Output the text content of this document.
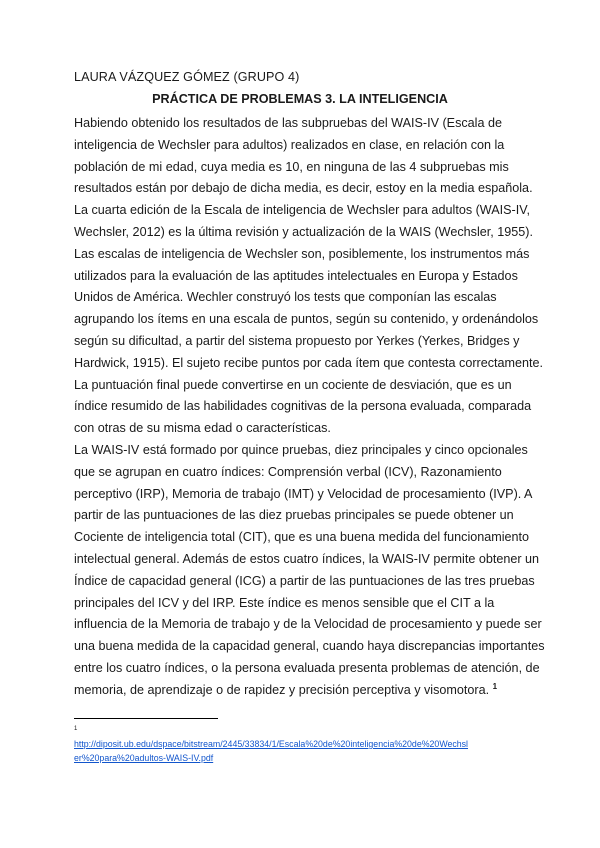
LAURA VÁZQUEZ GÓMEZ (GRUPO 4)
PRÁCTICA DE PROBLEMAS 3. LA INTELIGENCIA
Habiendo obtenido los resultados de las subpruebas del WAIS-IV (Escala de
inteligencia de Wechsler para adultos) realizados en clase, en relación con la
población de mi edad, cuya media es 10, en ninguna de las 4 subpruebas mis
resultados están por debajo de dicha media, es decir, estoy en la media española.
La cuarta edición de la Escala de inteligencia de Wechsler para adultos (WAIS-IV,
Wechsler, 2012) es la última revisión y actualización de la WAIS (Wechsler, 1955).
Las escalas de inteligencia de Wechsler son, posiblemente, los instrumentos más
utilizados para la evaluación de las aptitudes intelectuales en Europa y Estados
Unidos de América. Wechler construyó los tests que componían las escalas
agrupando los ítems en una escala de puntos, según su contenido, y ordenándolos
según su dificultad, a partir del sistema propuesto por Yerkes (Yerkes, Bridges y
Hardwick, 1915). El sujeto recibe puntos por cada ítem que contesta correctamente.
La puntuación final puede convertirse en un cociente de desviación, que es un
índice resumido de las habilidades cognitivas de la persona evaluada, comparada
con otras de su misma edad o características.
La WAIS-IV está formado por quince pruebas, diez principales y cinco opcionales
que se agrupan en cuatro índices: Comprensión verbal (ICV), Razonamiento
perceptivo (IRP), Memoria de trabajo (IMT) y Velocidad de procesamiento (IVP). A
partir de las puntuaciones de las diez pruebas principales se puede obtener un
Cociente de inteligencia total (CIT), que es una buena medida del funcionamiento
intelectual general. Además de estos cuatro índices, la WAIS-IV permite obtener un
Índice de capacidad general (ICG) a partir de las puntuaciones de las tres pruebas
principales del ICV y del IRP. Este índice es menos sensible que el CIT a la
influencia de la Memoria de trabajo y de la Velocidad de procesamiento y puede ser
una buena medida de la capacidad general, cuando haya discrepancias importantes
entre los cuatro índices, o la persona evaluada presenta problemas de atención, de
memoria, de aprendizaje o de rapidez y precisión perceptiva y visomotora. $^1$
1
http://diposit.ub.edu/dspace/bitstream/2445/33834/1/Escala%20de%20inteligencia%20de%20Wechsl
er%20para%20adultos-WAIS-IV.pdf
